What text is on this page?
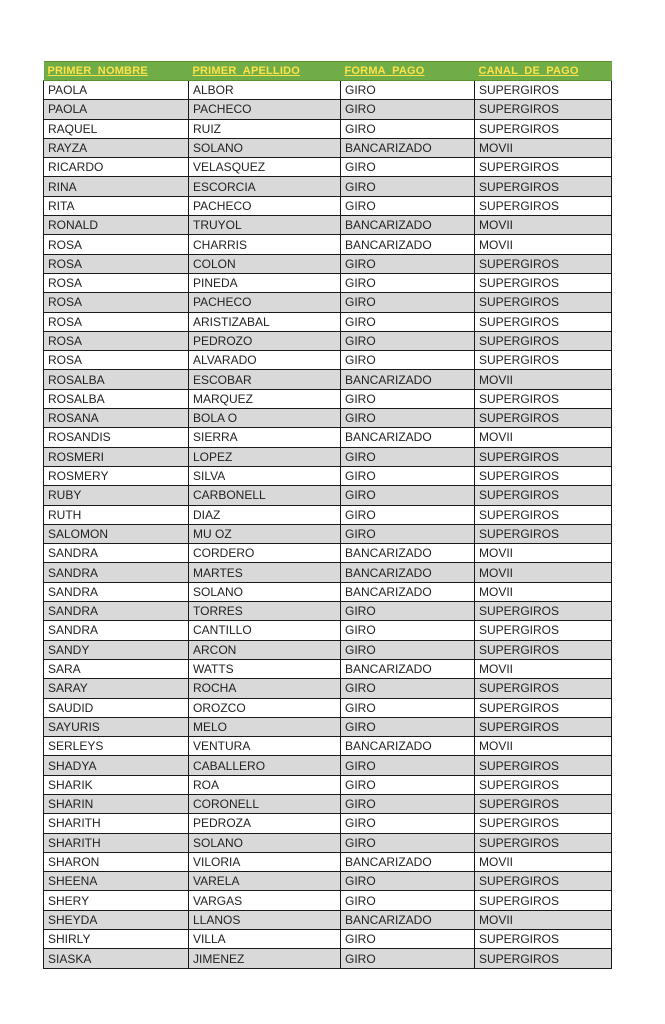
PRIMER_NOMBRE	PRIMER_APELLIDO	FORMA_PAGO	CANAL_DE_PAGO
PAOLA	ALBOR	GIRO	SUPERGIROS
PAOLA	PACHECO	GIRO	SUPERGIROS
RAQUEL	RUIZ	GIRO	SUPERGIROS
RAYZA	SOLANO	BANCARIZADO	MOVII
RICARDO	VELASQUEZ	GIRO	SUPERGIROS
RINA	ESCORCIA	GIRO	SUPERGIROS
RITA	PACHECO	GIRO	SUPERGIROS
RONALD	TRUYOL	BANCARIZADO	MOVII
ROSA	CHARRIS	BANCARIZADO	MOVII
ROSA	COLON	GIRO	SUPERGIROS
ROSA	PINEDA	GIRO	SUPERGIROS
ROSA	PACHECO	GIRO	SUPERGIROS
ROSA	ARISTIZABAL	GIRO	SUPERGIROS
ROSA	PEDROZO	GIRO	SUPERGIROS
ROSA	ALVARADO	GIRO	SUPERGIROS
ROSALBA	ESCOBAR	BANCARIZADO	MOVII
ROSALBA	MARQUEZ	GIRO	SUPERGIROS
ROSANA	BOLA O	GIRO	SUPERGIROS
ROSANDIS	SIERRA	BANCARIZADO	MOVII
ROSMERI	LOPEZ	GIRO	SUPERGIROS
ROSMERY	SILVA	GIRO	SUPERGIROS
RUBY	CARBONELL	GIRO	SUPERGIROS
RUTH	DIAZ	GIRO	SUPERGIROS
SALOMON	MU OZ	GIRO	SUPERGIROS
SANDRA	CORDERO	BANCARIZADO	MOVII
SANDRA	MARTES	BANCARIZADO	MOVII
SANDRA	SOLANO	BANCARIZADO	MOVII
SANDRA	TORRES	GIRO	SUPERGIROS
SANDRA	CANTILLO	GIRO	SUPERGIROS
SANDY	ARCON	GIRO	SUPERGIROS
SARA	WATTS	BANCARIZADO	MOVII
SARAY	ROCHA	GIRO	SUPERGIROS
SAUDID	OROZCO	GIRO	SUPERGIROS
SAYURIS	MELO	GIRO	SUPERGIROS
SERLEYS	VENTURA	BANCARIZADO	MOVII
SHADYA	CABALLERO	GIRO	SUPERGIROS
SHARIK	ROA	GIRO	SUPERGIROS
SHARIN	CORONELL	GIRO	SUPERGIROS
SHARITH	PEDROZA	GIRO	SUPERGIROS
SHARITH	SOLANO	GIRO	SUPERGIROS
SHARON	VILORIA	BANCARIZADO	MOVII
SHEENA	VARELA	GIRO	SUPERGIROS
SHERY	VARGAS	GIRO	SUPERGIROS
SHEYDA	LLANOS	BANCARIZADO	MOVII
SHIRLY	VILLA	GIRO	SUPERGIROS
SIASKA	JIMENEZ	GIRO	SUPERGIROS
